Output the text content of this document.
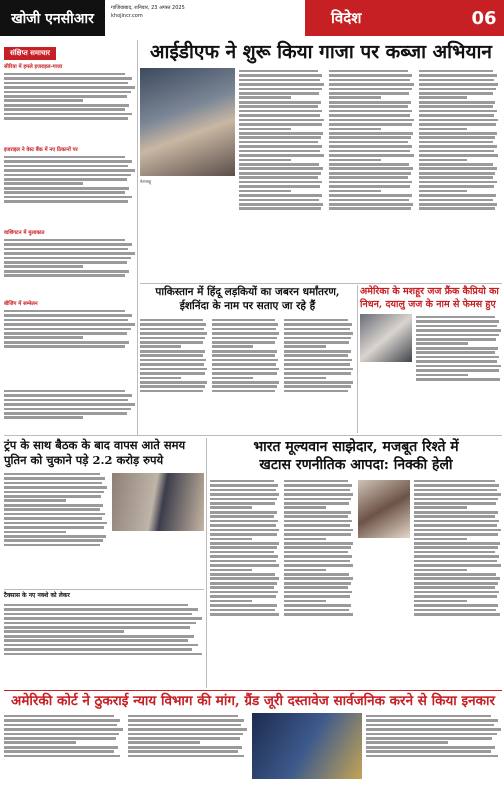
खोजी एनसीआर
गाजियाबाद, शनिवार, 23 अगस्त 2025
khojincr.com	विदेश	06
संक्षिप्त समाचार
सीरिया में हमले इजराइल-गाजा
इजराइल ने वेस्ट बैंक में नए ठिकानों पर
वाशिंगटन में मुलाकात
बीजिंग में सम्मेलन
आईडीएफ ने शुरू किया गाजा पर कब्जा अभियान
नेतन्याहू
पाकिस्तान में हिंदू लड़कियों का जबरन धर्मांतरण, ईशनिंदा के नाम पर सताए जा रहे हैं
अमेरिका के मशहूर जज फ्रैंक कैप्रियो का निधन, दयालु जज के नाम से फेमस हुए
ट्रंप के साथ बैठक के बाद वापस आते समय पुतिन को चुकाने पड़े 2.2 करोड़ रुपये
टैक्सास के नए नक्शे को लेकर
भारत मूल्यवान साझेदार, मजबूत रिश्ते में
खटास रणनीतिक आपदा: निक्की हेली
अमेरिकी कोर्ट ने ठुकराई न्याय विभाग की मांग, ग्रैंड जूरी दस्तावेज सार्वजनिक करने से किया इनकार
